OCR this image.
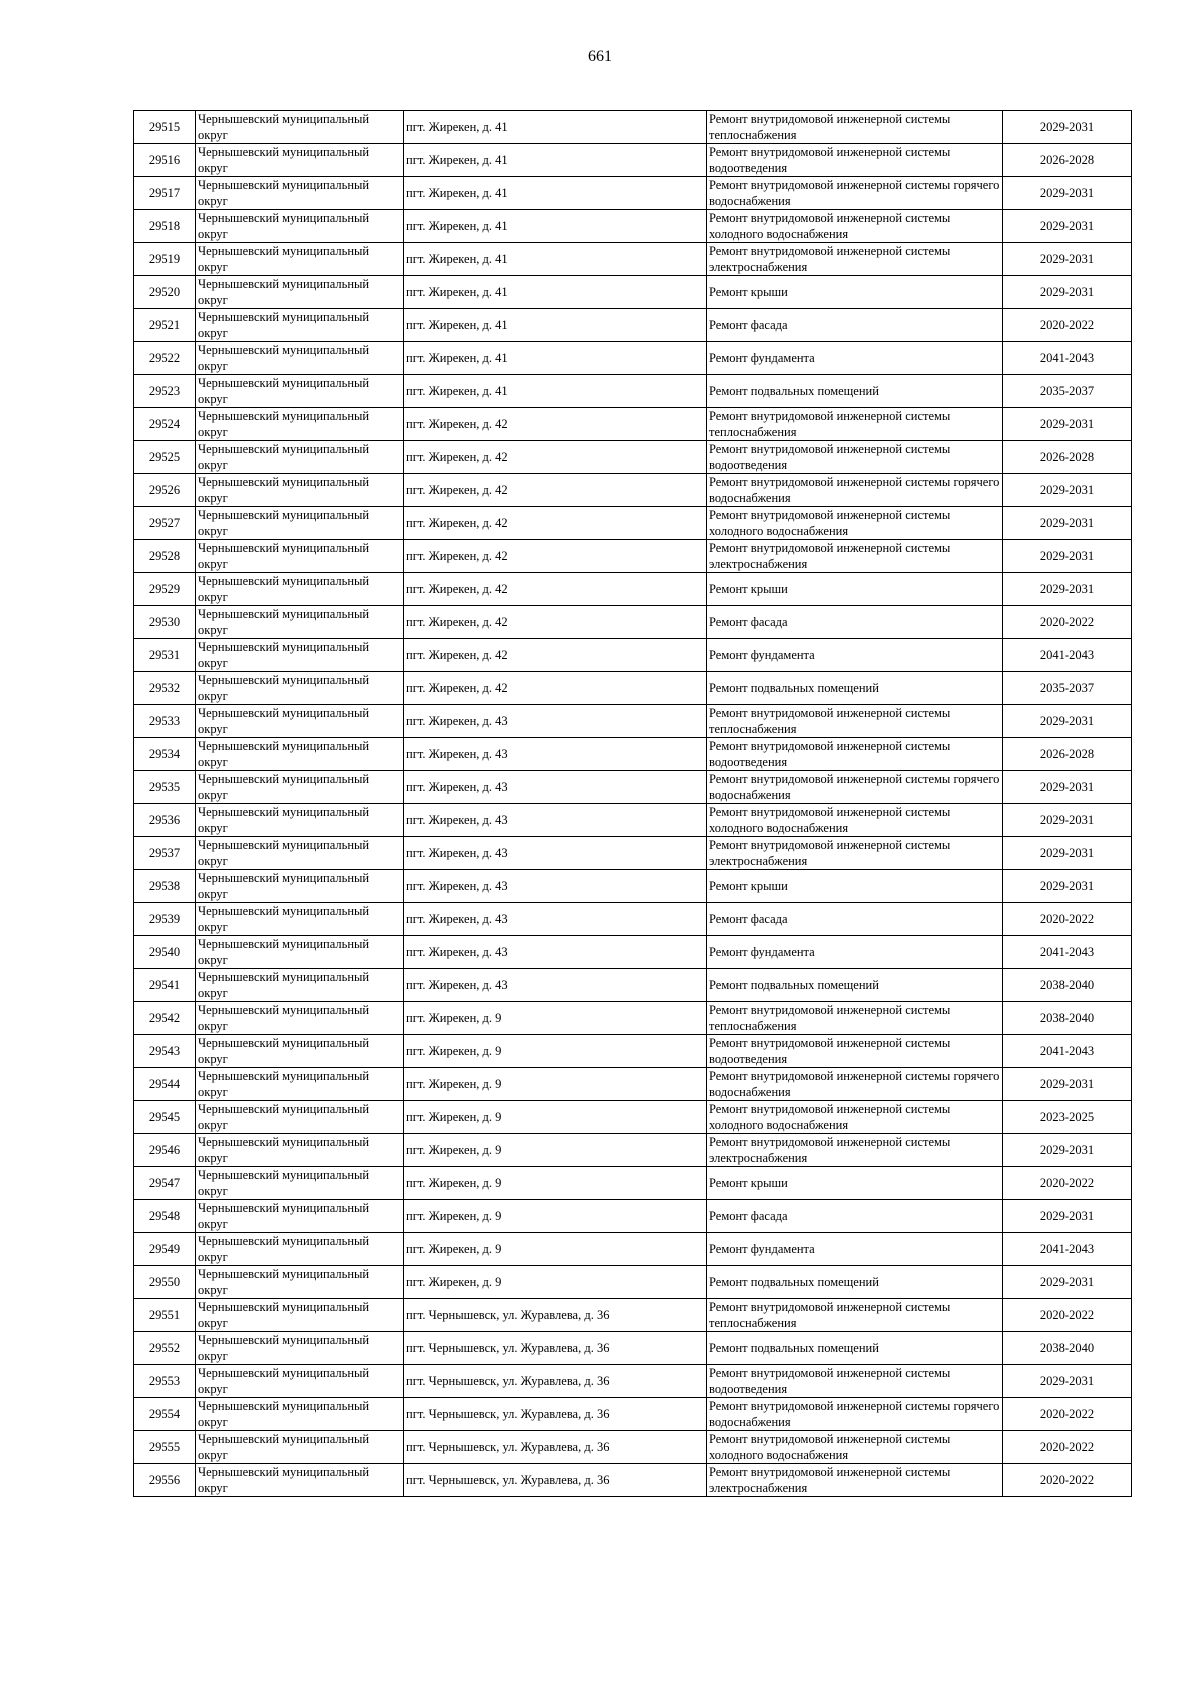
661
29515	Чернышевский муниципальный округ	пгт. Жирекен, д. 41	Ремонт внутридомовой инженерной системы теплоснабжения	2029-2031
29516	Чернышевский муниципальный округ	пгт. Жирекен, д. 41	Ремонт внутридомовой инженерной системы водоотведения	2026-2028
29517	Чернышевский муниципальный округ	пгт. Жирекен, д. 41	Ремонт внутридомовой инженерной системы горячего водоснабжения	2029-2031
29518	Чернышевский муниципальный округ	пгт. Жирекен, д. 41	Ремонт внутридомовой инженерной системы холодного водоснабжения	2029-2031
29519	Чернышевский муниципальный округ	пгт. Жирекен, д. 41	Ремонт внутридомовой инженерной системы электроснабжения	2029-2031
29520	Чернышевский муниципальный округ	пгт. Жирекен, д. 41	Ремонт крыши	2029-2031
29521	Чернышевский муниципальный округ	пгт. Жирекен, д. 41	Ремонт фасада	2020-2022
29522	Чернышевский муниципальный округ	пгт. Жирекен, д. 41	Ремонт фундамента	2041-2043
29523	Чернышевский муниципальный округ	пгт. Жирекен, д. 41	Ремонт подвальных помещений	2035-2037
29524	Чернышевский муниципальный округ	пгт. Жирекен, д. 42	Ремонт внутридомовой инженерной системы теплоснабжения	2029-2031
29525	Чернышевский муниципальный округ	пгт. Жирекен, д. 42	Ремонт внутридомовой инженерной системы водоотведения	2026-2028
29526	Чернышевский муниципальный округ	пгт. Жирекен, д. 42	Ремонт внутридомовой инженерной системы горячего водоснабжения	2029-2031
29527	Чернышевский муниципальный округ	пгт. Жирекен, д. 42	Ремонт внутридомовой инженерной системы холодного водоснабжения	2029-2031
29528	Чернышевский муниципальный округ	пгт. Жирекен, д. 42	Ремонт внутридомовой инженерной системы электроснабжения	2029-2031
29529	Чернышевский муниципальный округ	пгт. Жирекен, д. 42	Ремонт крыши	2029-2031
29530	Чернышевский муниципальный округ	пгт. Жирекен, д. 42	Ремонт фасада	2020-2022
29531	Чернышевский муниципальный округ	пгт. Жирекен, д. 42	Ремонт фундамента	2041-2043
29532	Чернышевский муниципальный округ	пгт. Жирекен, д. 42	Ремонт подвальных помещений	2035-2037
29533	Чернышевский муниципальный округ	пгт. Жирекен, д. 43	Ремонт внутридомовой инженерной системы теплоснабжения	2029-2031
29534	Чернышевский муниципальный округ	пгт. Жирекен, д. 43	Ремонт внутридомовой инженерной системы водоотведения	2026-2028
29535	Чернышевский муниципальный округ	пгт. Жирекен, д. 43	Ремонт внутридомовой инженерной системы горячего водоснабжения	2029-2031
29536	Чернышевский муниципальный округ	пгт. Жирекен, д. 43	Ремонт внутридомовой инженерной системы холодного водоснабжения	2029-2031
29537	Чернышевский муниципальный округ	пгт. Жирекен, д. 43	Ремонт внутридомовой инженерной системы электроснабжения	2029-2031
29538	Чернышевский муниципальный округ	пгт. Жирекен, д. 43	Ремонт крыши	2029-2031
29539	Чернышевский муниципальный округ	пгт. Жирекен, д. 43	Ремонт фасада	2020-2022
29540	Чернышевский муниципальный округ	пгт. Жирекен, д. 43	Ремонт фундамента	2041-2043
29541	Чернышевский муниципальный округ	пгт. Жирекен, д. 43	Ремонт подвальных помещений	2038-2040
29542	Чернышевский муниципальный округ	пгт. Жирекен, д. 9	Ремонт внутридомовой инженерной системы теплоснабжения	2038-2040
29543	Чернышевский муниципальный округ	пгт. Жирекен, д. 9	Ремонт внутридомовой инженерной системы водоотведения	2041-2043
29544	Чернышевский муниципальный округ	пгт. Жирекен, д. 9	Ремонт внутридомовой инженерной системы горячего водоснабжения	2029-2031
29545	Чернышевский муниципальный округ	пгт. Жирекен, д. 9	Ремонт внутридомовой инженерной системы холодного водоснабжения	2023-2025
29546	Чернышевский муниципальный округ	пгт. Жирекен, д. 9	Ремонт внутридомовой инженерной системы электроснабжения	2029-2031
29547	Чернышевский муниципальный округ	пгт. Жирекен, д. 9	Ремонт крыши	2020-2022
29548	Чернышевский муниципальный округ	пгт. Жирекен, д. 9	Ремонт фасада	2029-2031
29549	Чернышевский муниципальный округ	пгт. Жирекен, д. 9	Ремонт фундамента	2041-2043
29550	Чернышевский муниципальный округ	пгт. Жирекен, д. 9	Ремонт подвальных помещений	2029-2031
29551	Чернышевский муниципальный округ	пгт. Чернышевск, ул. Журавлева, д. 36	Ремонт внутридомовой инженерной системы теплоснабжения	2020-2022
29552	Чернышевский муниципальный округ	пгт. Чернышевск, ул. Журавлева, д. 36	Ремонт подвальных помещений	2038-2040
29553	Чернышевский муниципальный округ	пгт. Чернышевск, ул. Журавлева, д. 36	Ремонт внутридомовой инженерной системы водоотведения	2029-2031
29554	Чернышевский муниципальный округ	пгт. Чернышевск, ул. Журавлева, д. 36	Ремонт внутридомовой инженерной системы горячего водоснабжения	2020-2022
29555	Чернышевский муниципальный округ	пгт. Чернышевск, ул. Журавлева, д. 36	Ремонт внутридомовой инженерной системы холодного водоснабжения	2020-2022
29556	Чернышевский муниципальный округ	пгт. Чернышевск, ул. Журавлева, д. 36	Ремонт внутридомовой инженерной системы электроснабжения	2020-2022
